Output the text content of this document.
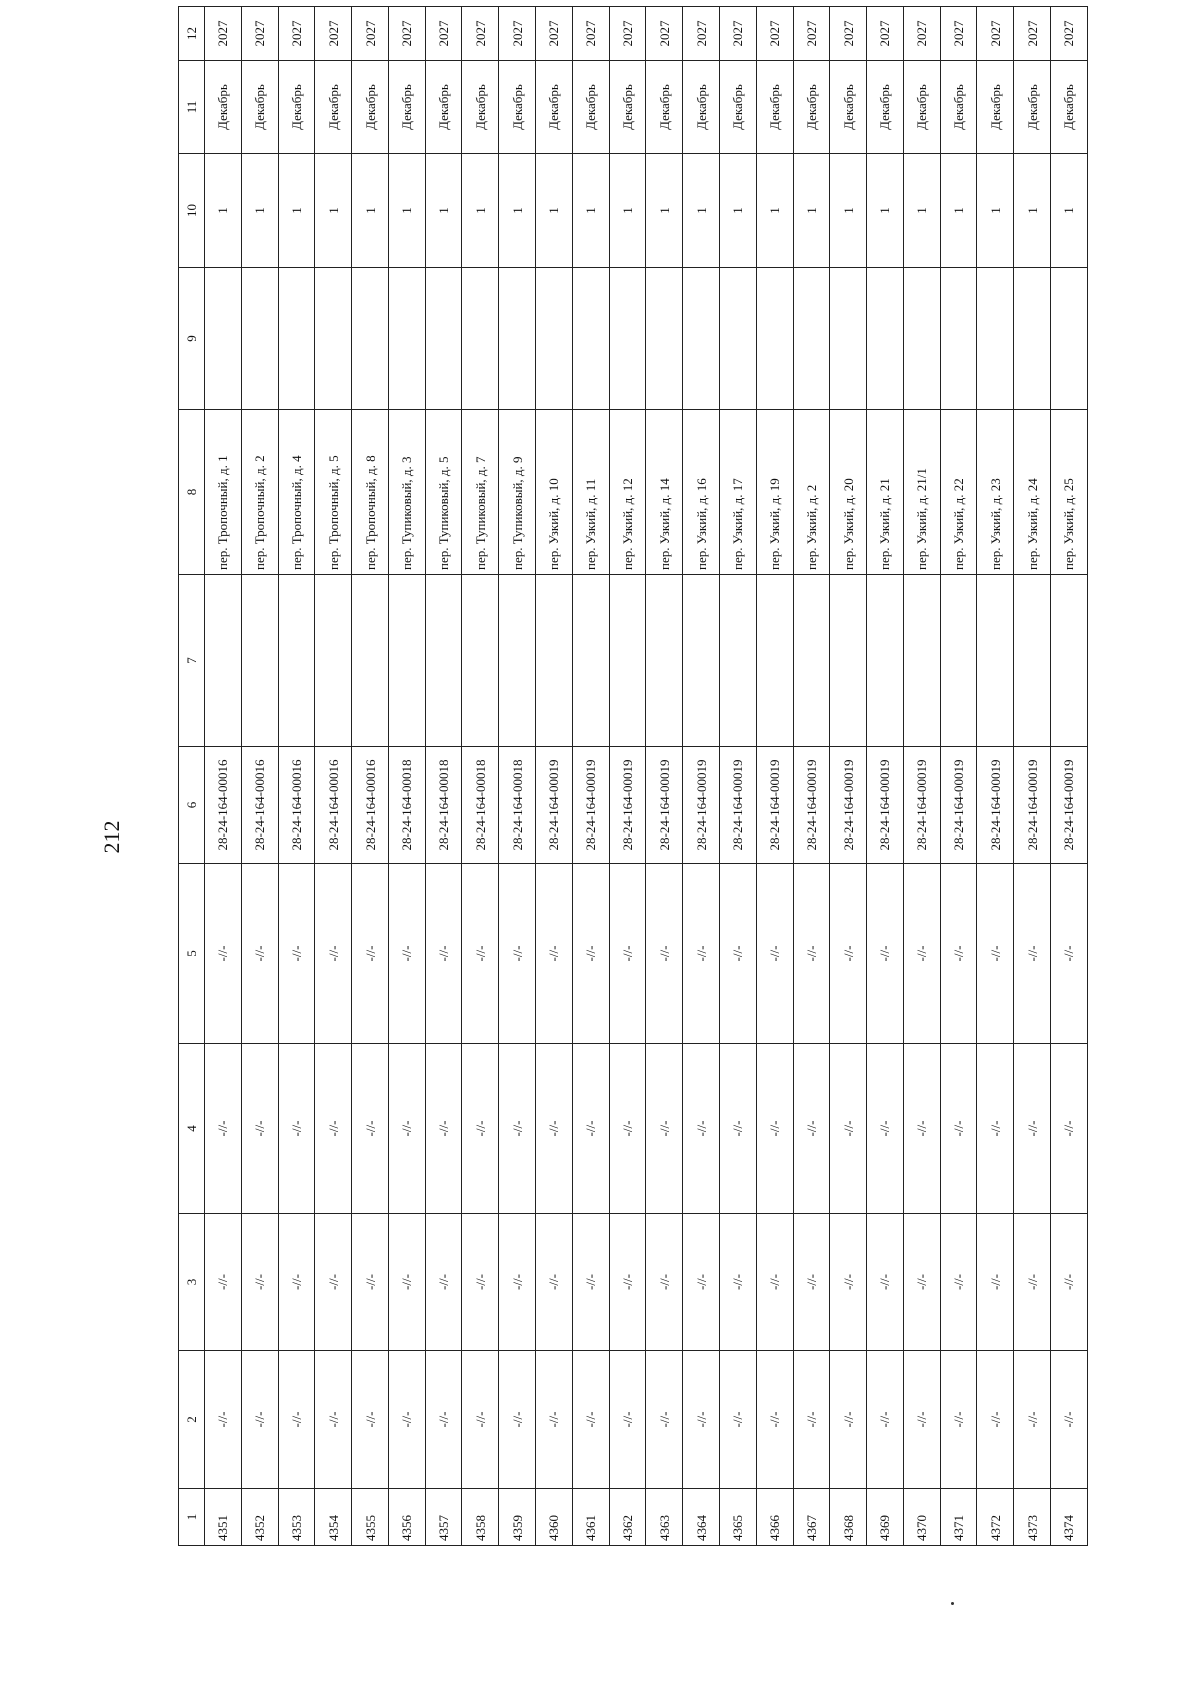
212
1	2	3	4	5	6	7	8	9	10	11	12
4351	-//-	-//-	-//-	-//-	28-24-164-00016		пер. Тропочный, д. 1		1	Декабрь	2027
4352	-//-	-//-	-//-	-//-	28-24-164-00016		пер. Тропочный, д. 2		1	Декабрь	2027
4353	-//-	-//-	-//-	-//-	28-24-164-00016		пер. Тропочный, д. 4		1	Декабрь	2027
4354	-//-	-//-	-//-	-//-	28-24-164-00016		пер. Тропочный, д. 5		1	Декабрь	2027
4355	-//-	-//-	-//-	-//-	28-24-164-00016		пер. Тропочный, д. 8		1	Декабрь	2027
4356	-//-	-//-	-//-	-//-	28-24-164-00018		пер. Тупиковый, д. 3		1	Декабрь	2027
4357	-//-	-//-	-//-	-//-	28-24-164-00018		пер. Тупиковый, д. 5		1	Декабрь	2027
4358	-//-	-//-	-//-	-//-	28-24-164-00018		пер. Тупиковый, д. 7		1	Декабрь	2027
4359	-//-	-//-	-//-	-//-	28-24-164-00018		пер. Тупиковый, д. 9		1	Декабрь	2027
4360	-//-	-//-	-//-	-//-	28-24-164-00019		пер. Узкий, д. 10		1	Декабрь	2027
4361	-//-	-//-	-//-	-//-	28-24-164-00019		пер. Узкий, д. 11		1	Декабрь	2027
4362	-//-	-//-	-//-	-//-	28-24-164-00019		пер. Узкий, д. 12		1	Декабрь	2027
4363	-//-	-//-	-//-	-//-	28-24-164-00019		пер. Узкий, д. 14		1	Декабрь	2027
4364	-//-	-//-	-//-	-//-	28-24-164-00019		пер. Узкий, д. 16		1	Декабрь	2027
4365	-//-	-//-	-//-	-//-	28-24-164-00019		пер. Узкий, д. 17		1	Декабрь	2027
4366	-//-	-//-	-//-	-//-	28-24-164-00019		пер. Узкий, д. 19		1	Декабрь	2027
4367	-//-	-//-	-//-	-//-	28-24-164-00019		пер. Узкий, д. 2		1	Декабрь	2027
4368	-//-	-//-	-//-	-//-	28-24-164-00019		пер. Узкий, д. 20		1	Декабрь	2027
4369	-//-	-//-	-//-	-//-	28-24-164-00019		пер. Узкий, д. 21		1	Декабрь	2027
4370	-//-	-//-	-//-	-//-	28-24-164-00019		пер. Узкий, д. 21/1		1	Декабрь	2027
4371	-//-	-//-	-//-	-//-	28-24-164-00019		пер. Узкий, д. 22		1	Декабрь	2027
4372	-//-	-//-	-//-	-//-	28-24-164-00019		пер. Узкий, д. 23		1	Декабрь	2027
4373	-//-	-//-	-//-	-//-	28-24-164-00019		пер. Узкий, д. 24		1	Декабрь	2027
4374	-//-	-//-	-//-	-//-	28-24-164-00019		пер. Узкий, д. 25		1	Декабрь	2027
